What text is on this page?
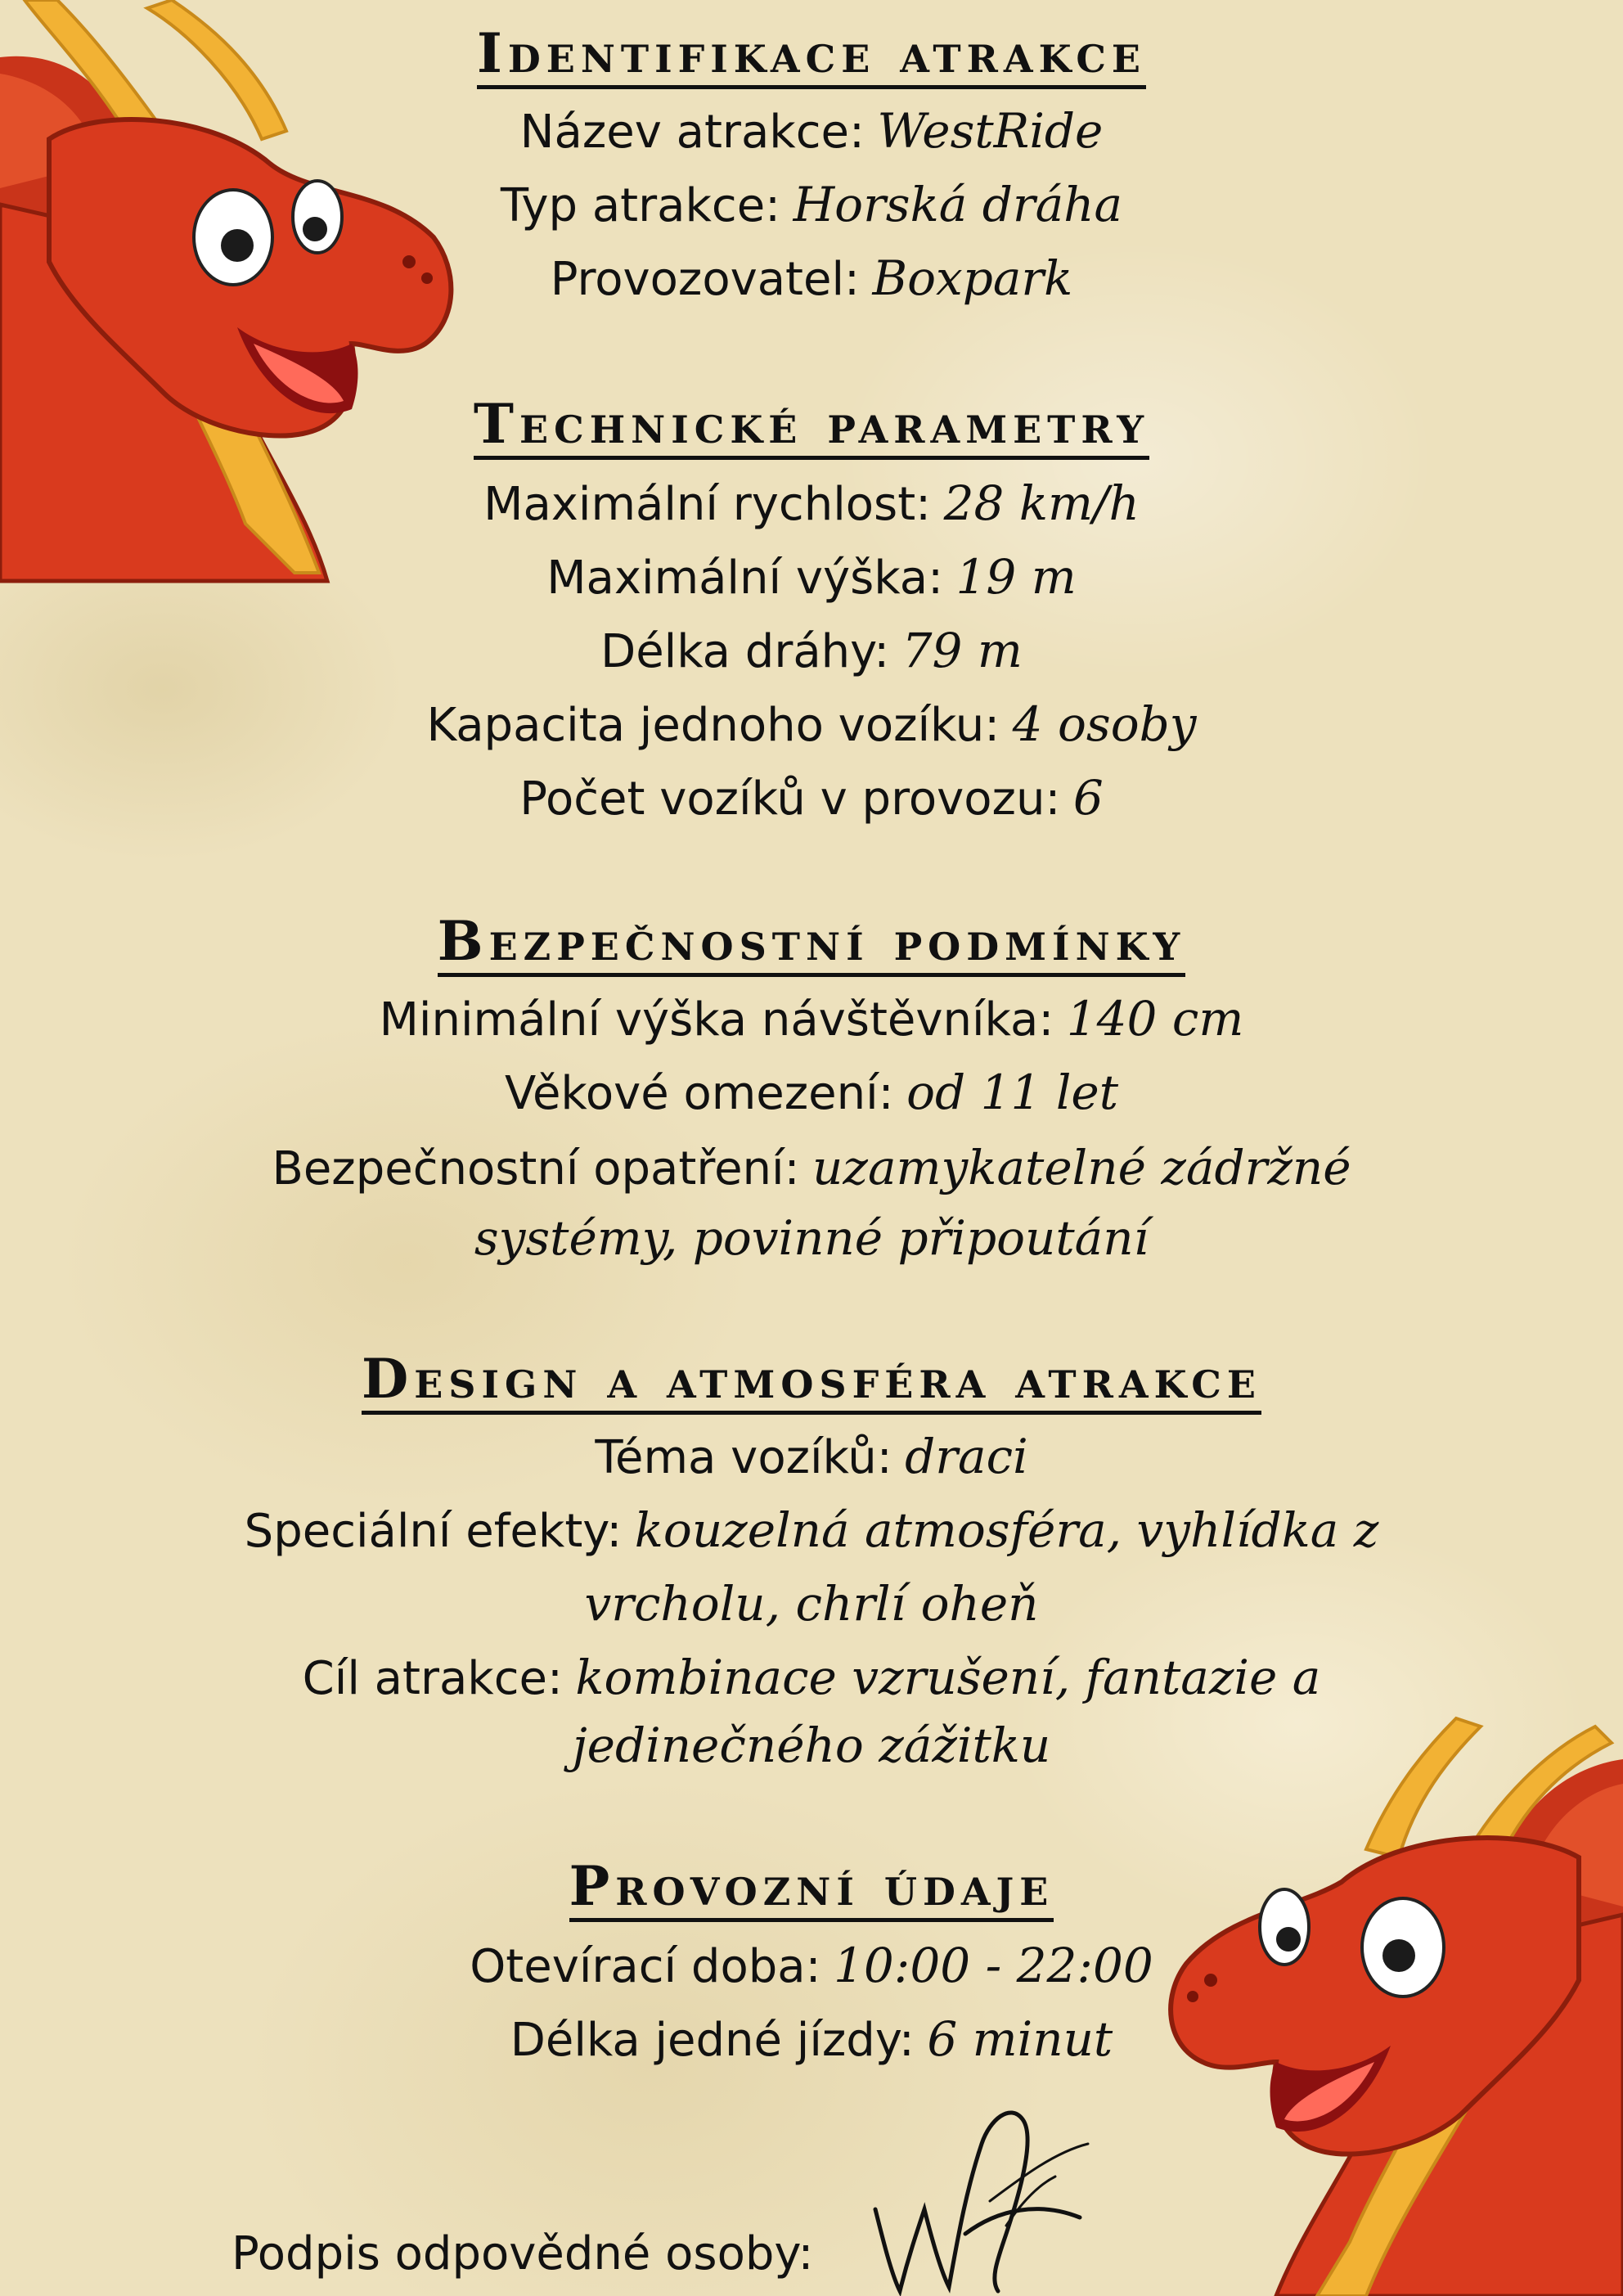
Identifikace atrakce
Název atrakce: WestRide
Typ atrakce: Horská dráha
Provozovatel: Boxpark
Technické parametry
Maximální rychlost: 28 km/h
Maximální výška: 19 m
Délka dráhy: 79 m
Kapacita jednoho vozíku: 4 osoby
Počet vozíků v provozu: 6
Bezpečnostní podmínky
Minimální výška návštěvníka: 140 cm
Věkové omezení: od 11 let
Bezpečnostní opatření: uzamykatelné zádržné
systémy, povinné připoutání
Design a atmosféra atrakce
Téma vozíků: draci
Speciální efekty: kouzelná atmosféra, vyhlídka z
vrcholu, chrlí oheň
Cíl atrakce: kombinace vzrušení, fantazie a
jedinečného zážitku
Provozní údaje
Otevírací doba: 10:00 - 22:00
Délka jedné jízdy: 6 minut
Podpis odpovědné osoby:
